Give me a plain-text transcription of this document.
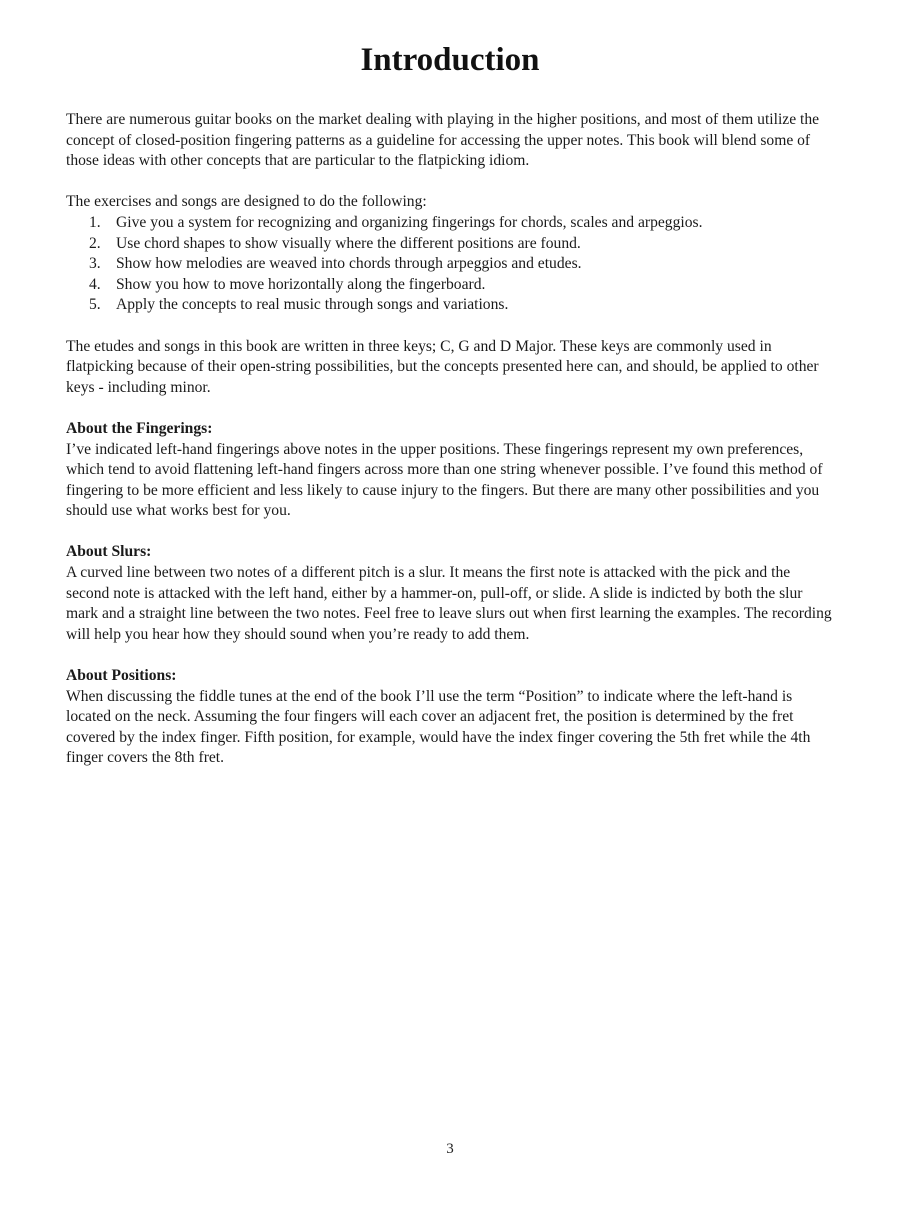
Introduction

There are numerous guitar books on the market dealing with playing in the higher positions, and most of them utilize the concept of closed-position fingering patterns as a guideline for accessing the upper notes. This book will blend some of those ideas with other concepts that are particular to the flatpicking idiom.

The exercises and songs are designed to do the following:

1. Give you a system for recognizing and organizing fingerings for chords, scales and arpeggios.
2. Use chord shapes to show visually where the different positions are found.
3. Show how melodies are weaved into chords through arpeggios and etudes.
4. Show you how to move horizontally along the fingerboard.
5. Apply the concepts to real music through songs and variations.

The etudes and songs in this book are written in three keys; C, G and D Major. These keys are commonly used in flatpicking because of their open-string possibilities, but the concepts presented here can, and should, be applied to other keys - including minor.

About the Fingerings:

I’ve indicated left-hand fingerings above notes in the upper positions. These fingerings represent my own preferences, which tend to avoid flattening left-hand fingers across more than one string whenever possible. I’ve found this method of fingering to be more efficient and less likely to cause injury to the fingers. But there are many other possibilities and you should use what works best for you.

About Slurs:

A curved line between two notes of a different pitch is a slur. It means the first note is attacked with the pick and the second note is attacked with the left hand, either by a hammer-on, pull-off, or slide. A slide is indicted by both the slur mark and a straight line between the two notes. Feel free to leave slurs out when first learning the examples. The recording will help you hear how they should sound when you’re ready to add them.

About Positions:

When discussing the fiddle tunes at the end of the book I’ll use the term “Position” to indicate where the left-hand is located on the neck. Assuming the four fingers will each cover an adjacent fret, the position is determined by the fret covered by the index finger. Fifth position, for example, would have the index finger covering the 5th fret while the 4th finger covers the 8th fret.

3
